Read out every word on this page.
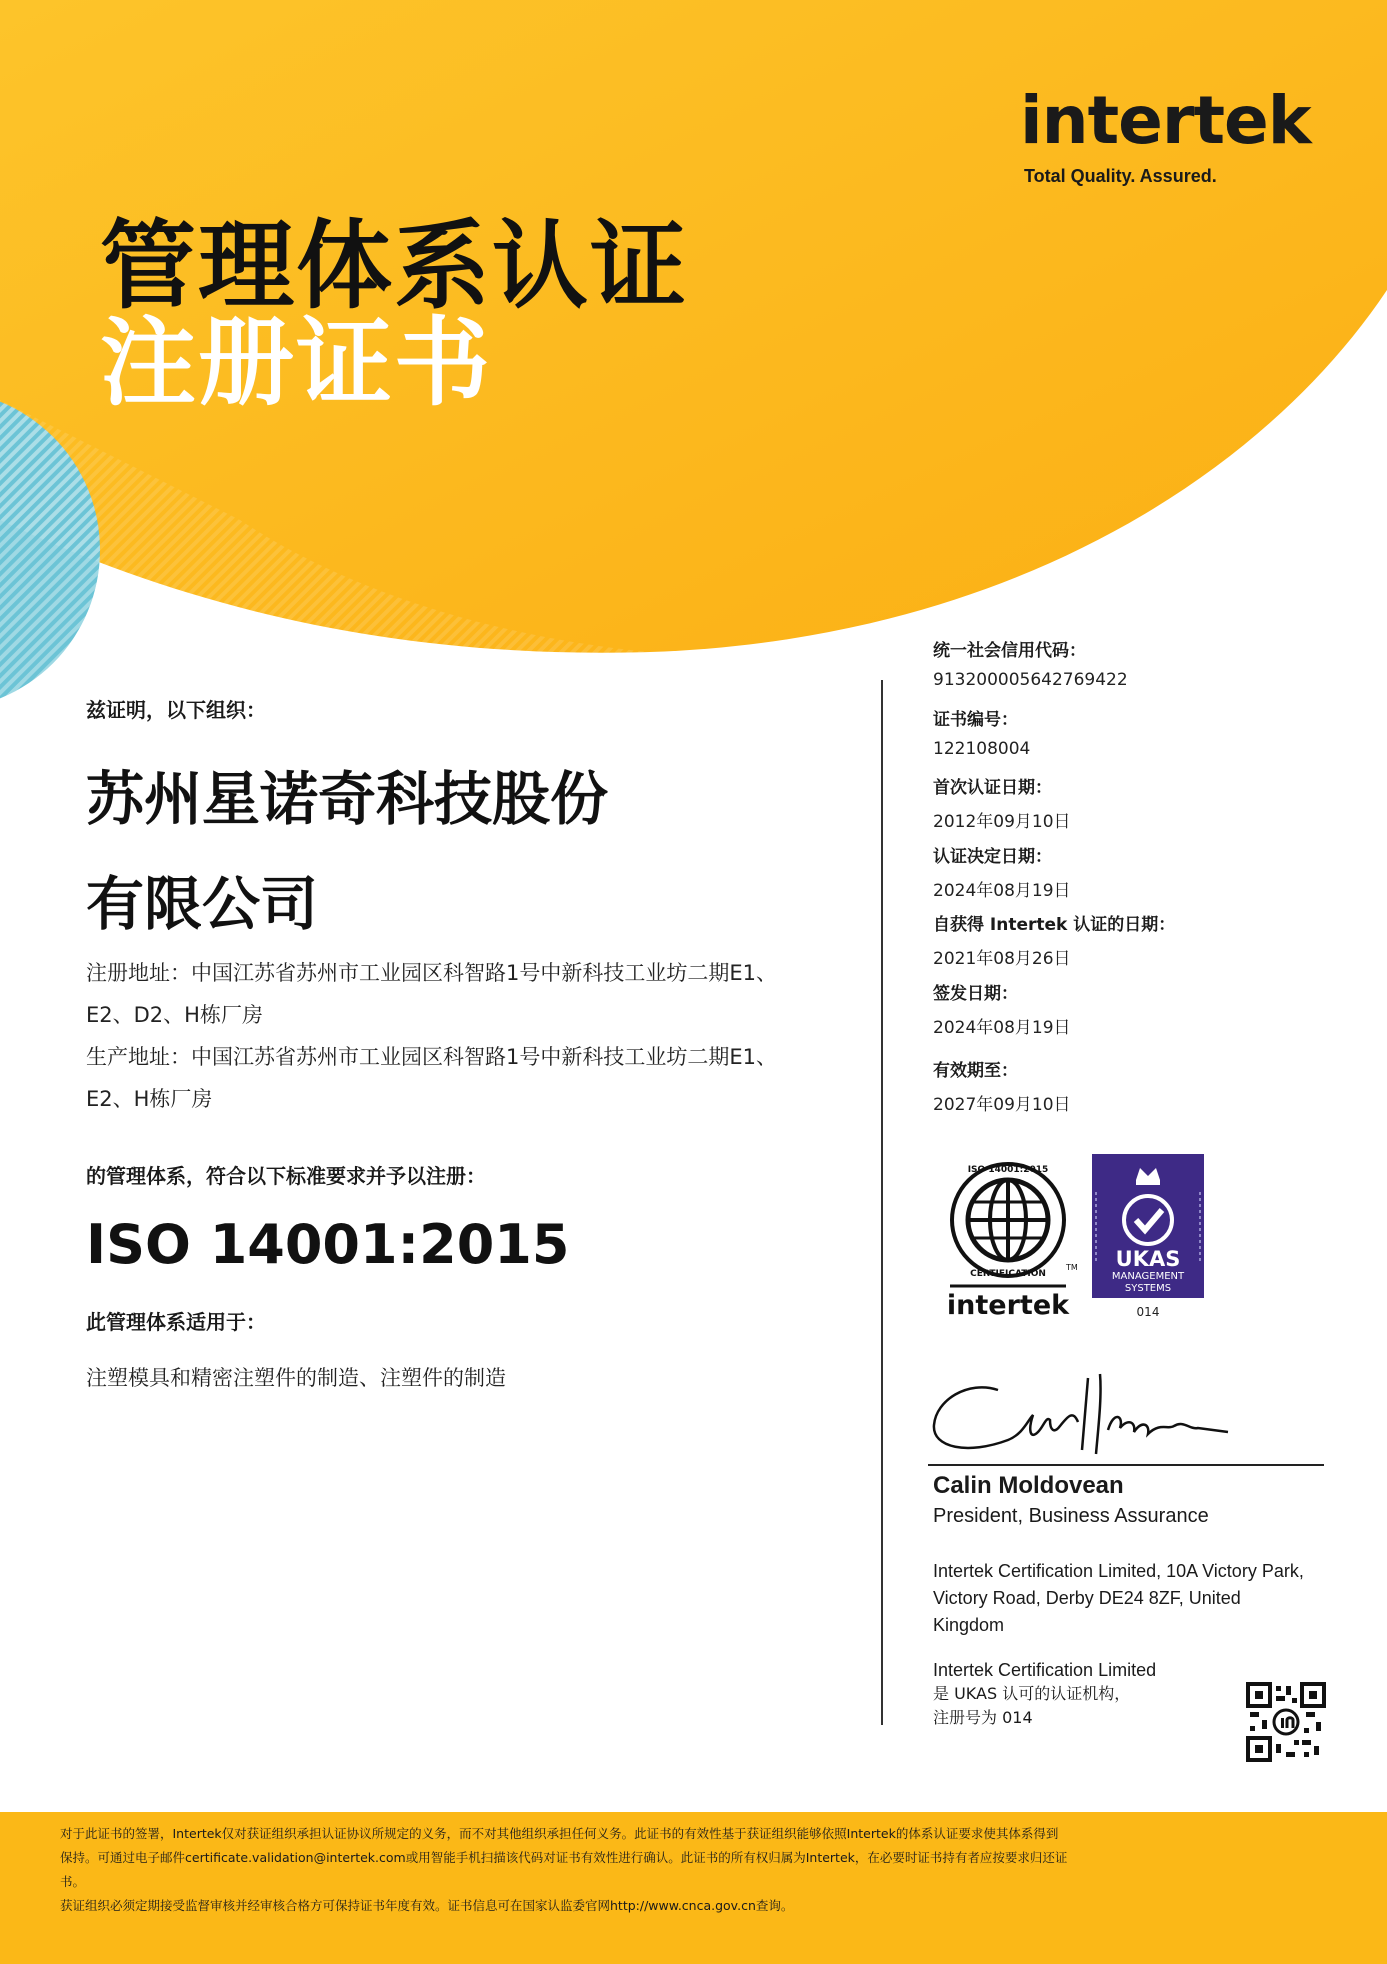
intertek
Total Quality. Assured.
管理体系认证
注册证书
兹证明，以下组织：
苏州星诺奇科技股份
有限公司
注册地址：中国江苏省苏州市工业园区科智路1号中新科技工业坊二期E1、
E2、D2、H栋厂房
生产地址：中国江苏省苏州市工业园区科智路1号中新科技工业坊二期E1、
E2、H栋厂房
的管理体系，符合以下标准要求并予以注册：
ISO 14001:2015
此管理体系适用于：
注塑模具和精密注塑件的制造、注塑件的制造
统一社会信用代码：
913200005642769422
证书编号：
122108004
首次认证日期：
2012年09月10日
认证决定日期：
2024年08月19日
自获得 Intertek 认证的日期：
2021年08月26日
签发日期：
2024年08月19日
有效期至：
2027年09月10日
ISO 14001:2015
CERTIFICATION
TM
intertek
UKAS
MANAGEMENT
SYSTEMS
014
Calin Moldovean
President, Business Assurance
Intertek Certification Limited, 10A Victory Park, Victory Road, Derby DE24 8ZF, United Kingdom
Intertek Certification Limited
是 UKAS 认可的认证机构，
注册号为 014
对于此证书的签署，Intertek仅对获证组织承担认证协议所规定的义务，而不对其他组织承担任何义务。此证书的有效性基于获证组织能够依照Intertek的体系认证要求使其体系得到
保持。可通过电子邮件certificate.validation@intertek.com或用智能手机扫描该代码对证书有效性进行确认。此证书的所有权归属为Intertek，在必要时证书持有者应按要求归还证
书。
获证组织必须定期接受监督审核并经审核合格方可保持证书年度有效。证书信息可在国家认监委官网http://www.cnca.gov.cn查询。
